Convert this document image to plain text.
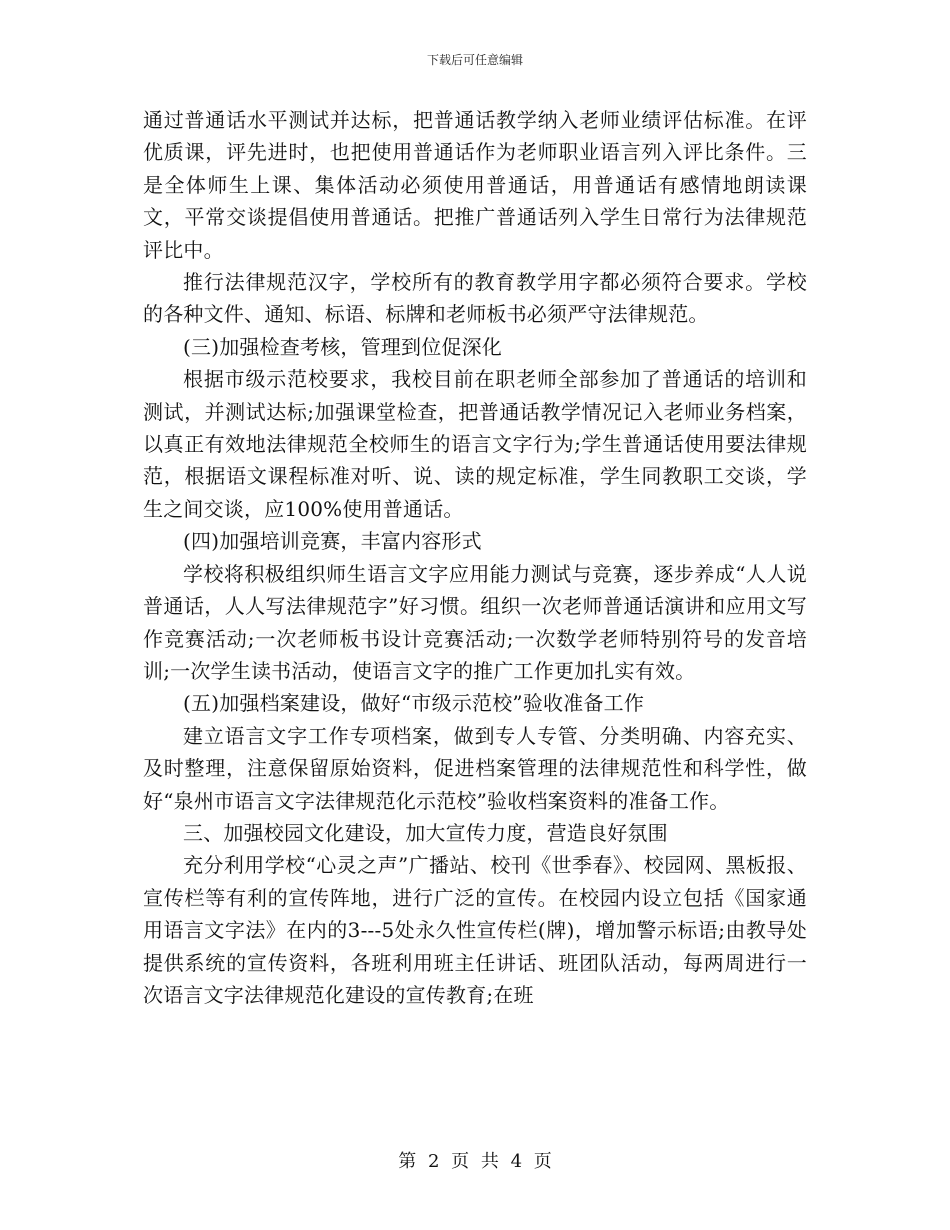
下载后可任意编辑

通过普通话水平测试并达标，把普通话教学纳入老师业绩评估标准。在评优质课，评先进时，也把使用普通话作为老师职业语言列入评比条件。三是全体师生上课、集体活动必须使用普通话，用普通话有感情地朗读课文，平常交谈提倡使用普通话。把推广普通话列入学生日常行为法律规范评比中。

推行法律规范汉字，学校所有的教育教学用字都必须符合要求。学校的各种文件、通知、标语、标牌和老师板书必须严守法律规范。

(三)加强检查考核，管理到位促深化

根据市级示范校要求，我校目前在职老师全部参加了普通话的培训和测试，并测试达标;加强课堂检查，把普通话教学情况记入老师业务档案，以真正有效地法律规范全校师生的语言文字行为;学生普通话使用要法律规范，根据语文课程标准对听、说、读的规定标准，学生同教职工交谈，学生之间交谈，应100%使用普通话。

(四)加强培训竞赛，丰富内容形式

学校将积极组织师生语言文字应用能力测试与竞赛，逐步养成“人人说普通话，人人写法律规范字”好习惯。组织一次老师普通话演讲和应用文写作竞赛活动;一次老师板书设计竞赛活动;一次数学老师特别符号的发音培训;一次学生读书活动，使语言文字的推广工作更加扎实有效。

(五)加强档案建设，做好“市级示范校”验收准备工作

建立语言文字工作专项档案，做到专人专管、分类明确、内容充实、及时整理，注意保留原始资料，促进档案管理的法律规范性和科学性，做好“泉州市语言文字法律规范化示范校”验收档案资料的准备工作。

三、加强校园文化建设，加大宣传力度，营造良好氛围

充分利用学校“心灵之声”广播站、校刊《世季春》、校园网、黑板报、宣传栏等有利的宣传阵地，进行广泛的宣传。在校园内设立包括《国家通用语言文字法》在内的3---5处永久性宣传栏(牌)，增加警示标语;由教导处提供系统的宣传资料，各班利用班主任讲话、班团队活动，每两周进行一次语言文字法律规范化建设的宣传教育;在班

第 2 页 共 4 页
